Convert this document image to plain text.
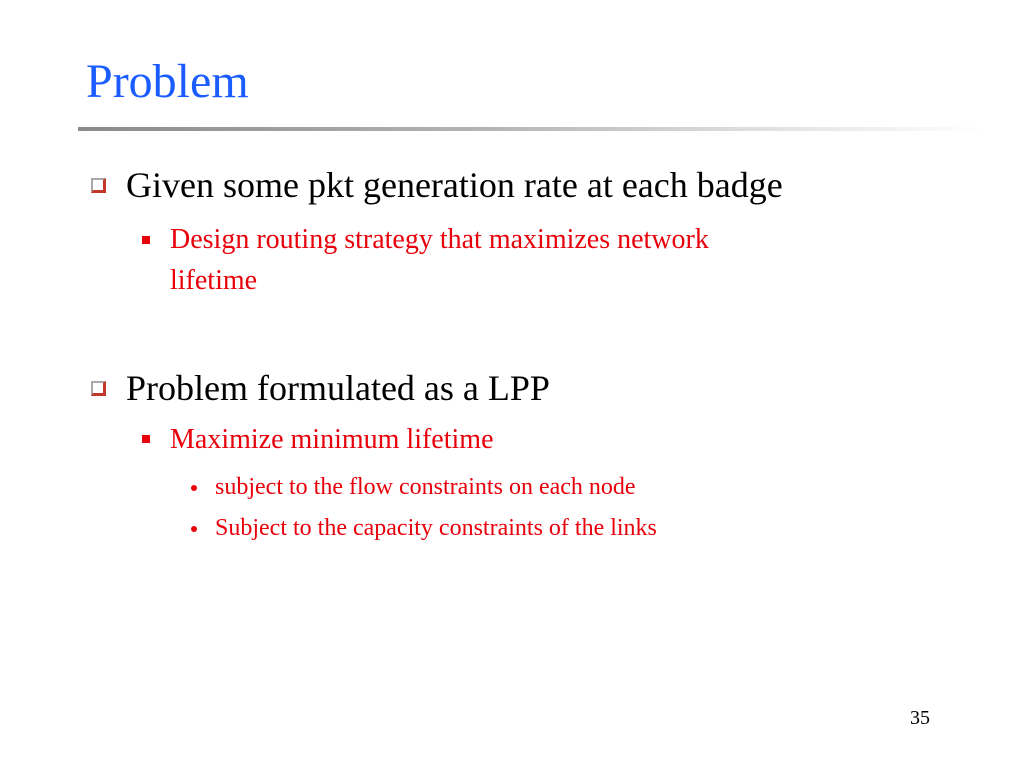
Problem
Given some pkt generation rate at each badge
Design routing strategy that maximizes network
lifetime
Problem formulated as a LPP
Maximize minimum lifetime
subject to the flow constraints on each node
Subject to the capacity constraints of the links
35
